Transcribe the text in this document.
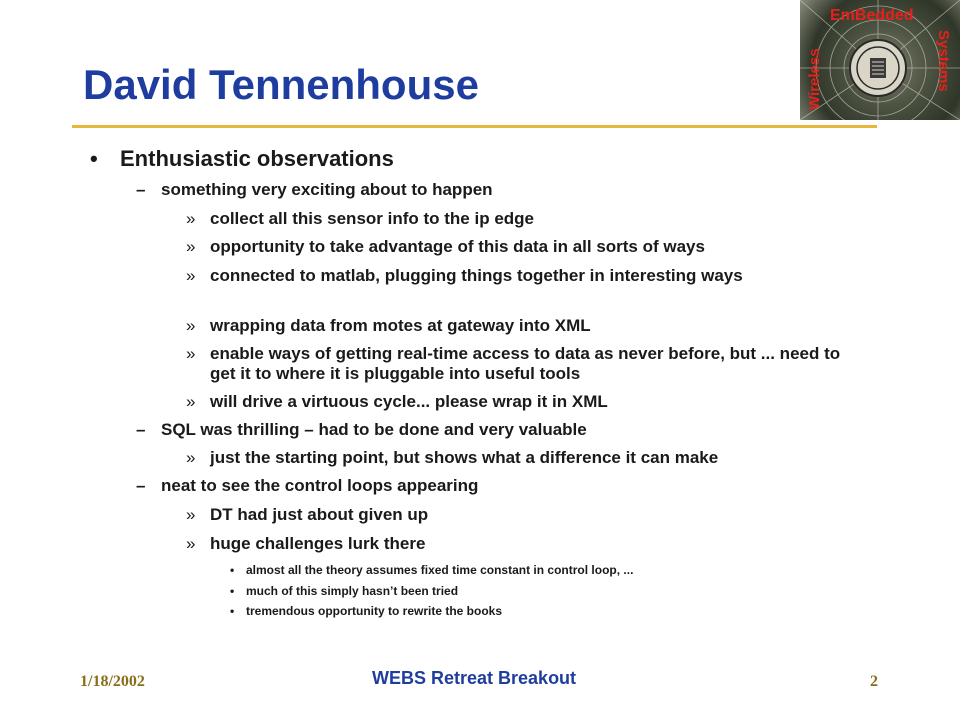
David Tennenhouse
EmBedded
Wireless	Systems
• Enthusiastic observations
– something very exciting about to happen
» collect all this sensor info to the ip edge
» opportunity to take advantage of this data in all sorts of ways
» connected to matlab, plugging things together in interesting ways
» wrapping data from motes at gateway into XML
» enable ways of getting real-time access to data as never before, but ... need to get it to where it is pluggable into useful tools
» will drive a virtuous cycle... please wrap it in XML
– SQL was thrilling – had to be done and very valuable
» just the starting point, but shows what a difference it can make
– neat to see the control loops appearing
» DT had just about given up
» huge challenges lurk there
• almost all the theory assumes fixed time constant in control loop, ...
• much of this simply hasn’t been tried
• tremendous opportunity to rewrite the books
1/18/2002	WEBS Retreat Breakout	2
